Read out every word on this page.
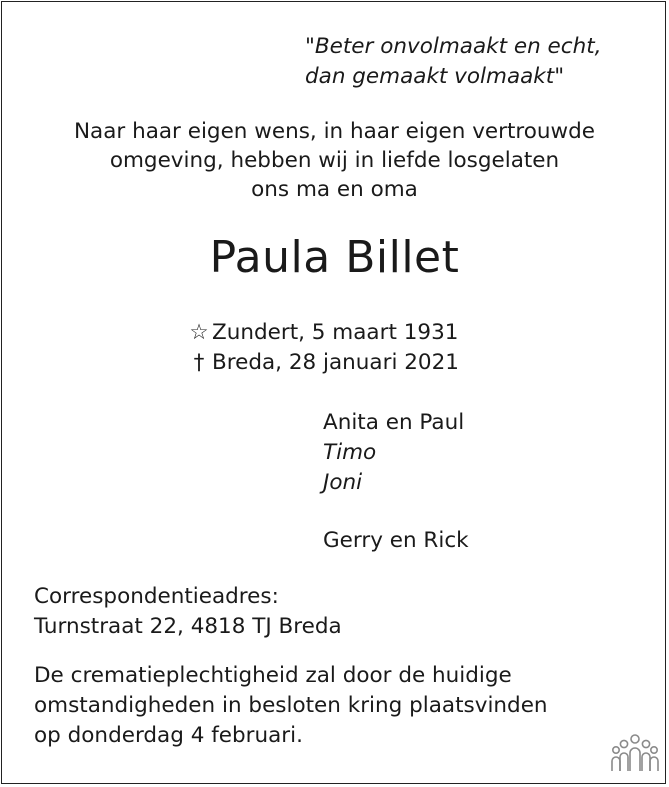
"Beter onvolmaakt en echt,
dan gemaakt volmaakt"

Naar haar eigen wens, in haar eigen vertrouwde
omgeving, hebben wij in liefde losgelaten
ons ma en oma

Paula Billet
☆ Zundert, 5 maart 1931
† Breda, 28 januari 2021
Anita en Paul
Timo
Joni
Gerry en Rick
Correspondentieadres:
Turnstraat 22, 4818 TJ Breda
De crematieplechtigheid zal door de huidige
omstandigheden in besloten kring plaatsvinden
op donderdag 4 februari.
